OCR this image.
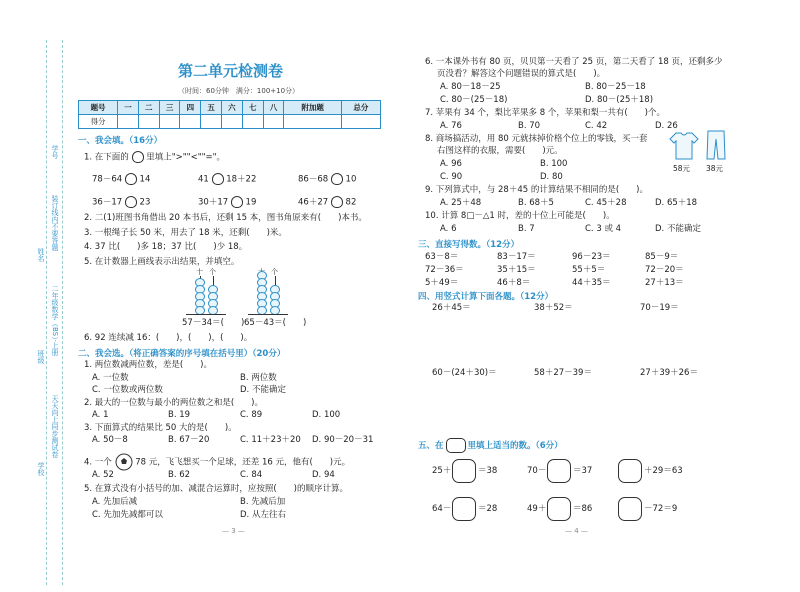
学号
装订线内不要答题
姓名
二年级数学（BS）·上册
班级
天天向上同步测试卷
学校
第二单元检测卷
（时间：60分钟　满分：100+10分）
题号	一	二	三	四	五	六	七	八	附加题	总分
得分										
一、我会填。（16分）
1. 在下面的 里填上">""<""="。
78－64 14	41 18＋22	86－68 10
36－17 23	30＋17 19	46＋27 82
2. 二(1)班图书角借出 20 本书后，还剩 15 本，图书角原来有(　　)本书。
3. 一根绳子长 50 米，用去了 18 米，还剩(　　)米。
4. 37 比(　　)多 18；37 比(　　)少 18。
5. 在计数器上画线表示出结果，并填空。
十 个
57－34＝(　　)
个
65－43＝(　　)
6. 92 连续减 16：(　　)，(　　)，(　　)。
二、我会选。（将正确答案的序号填在括号里）（20分）
1. 两位数减两位数，差是(　　)。
A. 一位数	B. 两位数
C. 一位数或两位数	D. 不能确定
2. 最大的一位数与最小的两位数之和是(　　)。
A. 1	B. 19	C. 89	D. 100
3. 下面算式的结果比 50 大的是(　　)。
A. 50－8	B. 67－20	C. 11＋23＋20 D. 90－20－31
4. 一个	78 元，飞飞想买一个足球，还差 16 元，他有(　　)元。
A. 52	B. 62	C. 84	D. 94
5. 在算式没有小括号的加、减混合运算时，应按照(　　)的顺序计算。
A. 先加后减	B. 先减后加
C. 先加先减都可以	D. 从左往右
— 3 —
6. 一本课外书有 80 页，贝贝第一天看了 25 页，第二天看了 18 页，还剩多少
页没看？解答这个问题错误的算式是(　　)。
A. 80－18－25	B. 80－25－18
C. 80－(25－18)	D. 80－(25＋18)
7. 苹果有 34 个，梨比苹果多 8 个，苹果和梨一共有(　　)个。
A. 76	B. 70	C. 42	D. 26
8. 商场搞活动，用 80 元就抹掉价格个位上的零钱，买一套
右图这样的衣服，需要(　　)元。
A. 96	B. 100
C. 90	D. 80
58元 38元
9. 下列算式中，与 28＋45 的计算结果不相同的是(　　)。
A. 25＋48	B. 68＋5	C. 45＋28	D. 65＋18
10. 计算 8□－△1 时，差的十位上可能是(　　)。
A. 6	B. 7	C. 3 或 4	D. 不能确定
三、直接写得数。（12分）
63－8＝	83－17＝	96－23＝	85－9＝
72－36＝	35＋15＝	55＋5＝	72－20＝
5＋49＝	46＋8＝	44＋35＝	27＋13＝
四、用竖式计算下面各题。（12分）
26＋45＝	38＋52＝	70－19＝
60－(24＋30)＝	58＋27－39＝	27＋39＋26＝
五、在	里填上适当的数。（6分）
25＋	＝38	70－	＝37	＋29＝63
64－	＝28	49＋	＝86	－72＝9
— 4 —
